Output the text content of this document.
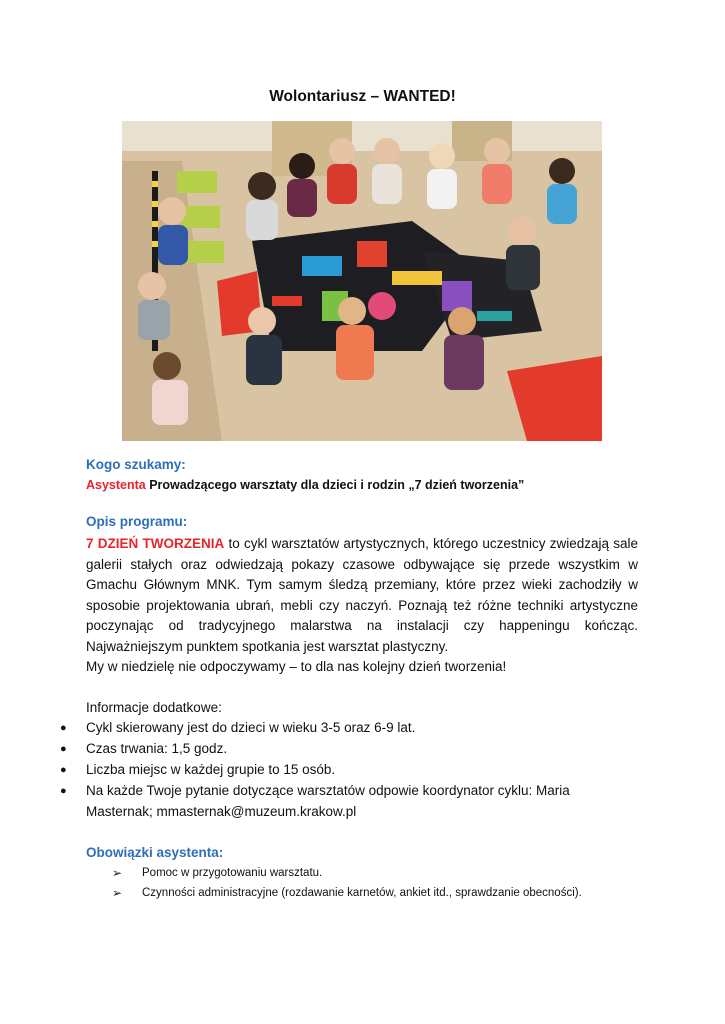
Wolontariusz – WANTED!
Kogo szukamy:
Asystenta Prowadzącego warsztaty dla dzieci i rodzin „7 dzień tworzenia”
Opis programu:
7 DZIEŃ TWORZENIA to cykl warsztatów artystycznych, którego uczestnicy zwiedzają sale galerii stałych oraz odwiedzają pokazy czasowe odbywające się przede wszystkim w Gmachu Głównym MNK. Tym samym śledzą przemiany, które przez wieki zachodziły w sposobie projektowania ubrań, mebli czy naczyń. Poznają też różne techniki artystyczne poczynając od tradycyjnego malarstwa na instalacji czy happeningu kończąc. Najważniejszym punktem spotkania jest warsztat plastyczny.
My w niedzielę nie odpoczywamy – to dla nas kolejny dzień tworzenia!
Informacje dodatkowe:
● Cykl skierowany jest do dzieci w wieku 3-5 oraz 6-9 lat.
● Czas trwania: 1,5 godz.
● Liczba miejsc w każdej grupie to 15 osób.
● Na każde Twoje pytanie dotyczące warsztatów odpowie koordynator cyklu: Maria Masternak; mmasternak@muzeum.krakow.pl
Obowiązki asystenta:
➢ Pomoc w przygotowaniu warsztatu.
➢ Czynności administracyjne (rozdawanie karnetów, ankiet itd., sprawdzanie obecności).
